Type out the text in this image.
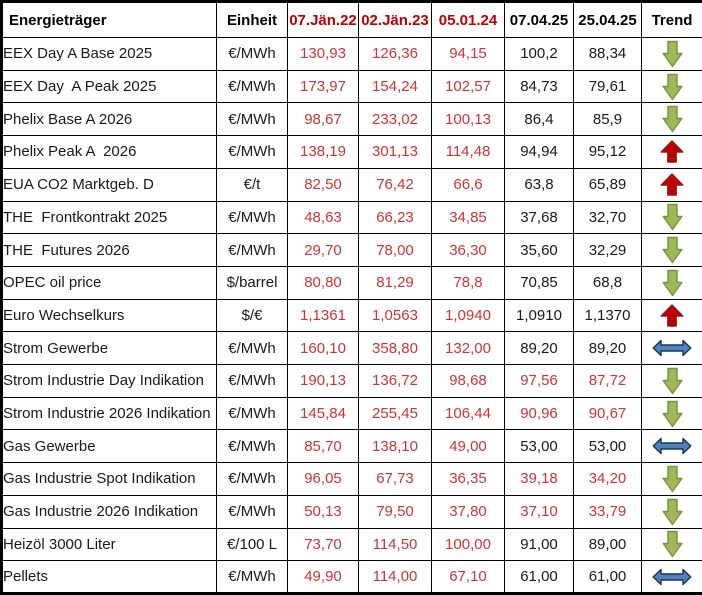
Energieträger	Einheit	07.Jän.22	02.Jän.23	05.01.24	07.04.25	25.04.25	Trend
EEX Day A Base 2025	€/MWh	130,93	126,36	94,15	100,2	88,34	
EEX Day  A Peak 2025	€/MWh	173,97	154,24	102,57	84,73	79,61	
Phelix Base A 2026	€/MWh	98,67	233,02	100,13	86,4	85,9	
Phelix Peak A  2026	€/MWh	138,19	301,13	114,48	94,94	95,12	
EUA CO2 Marktgeb. D	€/t	82,50	76,42	66,6	63,8	65,89	
THE  Frontkontrakt 2025	€/MWh	48,63	66,23	34,85	37,68	32,70	
THE  Futures 2026	€/MWh	29,70	78,00	36,30	35,60	32,29	
OPEC oil price	$/barrel	80,80	81,29	78,8	70,85	68,8	
Euro Wechselkurs	$/€	1,1361	1,0563	1,0940	1,0910	1,1370	
Strom Gewerbe	€/MWh	160,10	358,80	132,00	89,20	89,20	
Strom Industrie Day Indikation	€/MWh	190,13	136,72	98,68	97,56	87,72	
Strom Industrie 2026 Indikation	€/MWh	145,84	255,45	106,44	90,96	90,67	
Gas Gewerbe	€/MWh	85,70	138,10	49,00	53,00	53,00	
Gas Industrie Spot Indikation	€/MWh	96,05	67,73	36,35	39,18	34,20	
Gas Industrie 2026 Indikation	€/MWh	50,13	79,50	37,80	37,10	33,79	
Heizöl 3000 Liter	€/100 L	73,70	114,50	100,00	91,00	89,00	
Pellets	€/MWh	49,90	114,00	67,10	61,00	61,00	
